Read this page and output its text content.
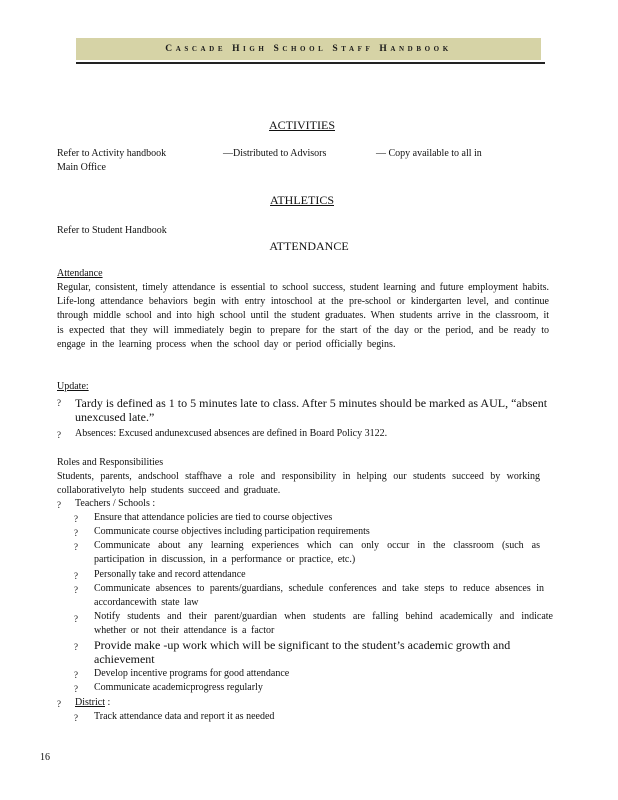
Cascade High School Staff Handbook
ACTIVITIES
Refer to Activity handbook	—Distributed to Advisors	— Copy available to all in
Main Office
ATHLETICS
Refer to Student Handbook
ATTENDANCE
Attendance
Regular, consistent, timely attendance is essential to school success, student learning and future employment habits. Life-long attendance behaviors begin with entry intoschool at the pre-school or kindergarten level, and continue through middle school and into high school until the student graduates. When students arrive in the classroom, it is expected that they will immediately begin to prepare for the start of the day or the period, and be ready to engage in the learning process when the school day or period officially begins.
Update:
? Tardy is defined as 1 to 5 minutes late to class. After 5 minutes should be marked as AUL, “absent unexcused late.”
? Absences: Excused andunexcused absences are defined in Board Policy 3122.
Roles and Responsibilities
Students, parents, andschool staffhave a role and responsibility in helping our students succeed by working collaborativelyto help students succeed and graduate.
? Teachers / Schools :
? Ensure that attendance policies are tied to course objectives
? Communicate course objectives including participation requirements
? Communicate about any learning experiences which can only occur in the classroom (such as participation in discussion, in a performance or practice, etc.)
? Personally take and record attendance
? Communicate absences to parents/guardians, schedule conferences and take steps to reduce absences in accordancewith state law
? Notify students and their parent/guardian when students are falling behind academically and indicate whether or not their attendance is a factor
? Provide make -up work which will be significant to the student’s academic growth and achievement
? Develop incentive programs for good attendance
? Communicate academicprogress regularly
? District :
? Track attendance data and report it as needed
16
